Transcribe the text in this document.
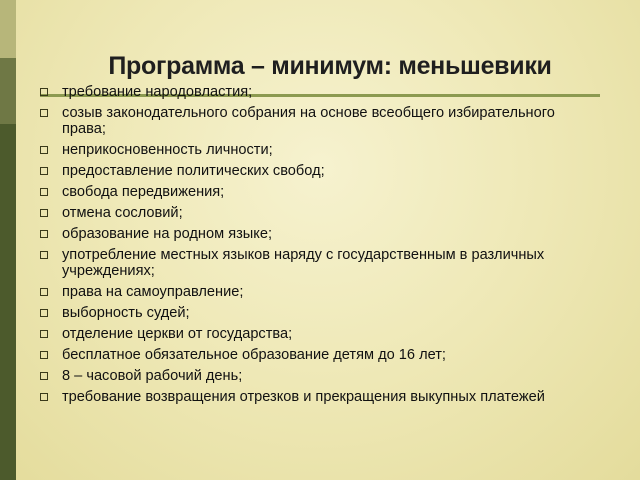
Программа – минимум: меньшевики
требование народовластия;
созыв законодательного собрания на основе всеобщего избирательного права;
неприкосновенность личности;
предоставление политических свобод;
свобода передвижения;
отмена сословий;
образование на родном языке;
употребление местных языков наряду с государственным в различных учреждениях;
права на самоуправление;
выборность судей;
отделение церкви от государства;
бесплатное обязательное образование детям до 16 лет;
8 – часовой рабочий день;
требование возвращения отрезков и прекращения выкупных платежей
